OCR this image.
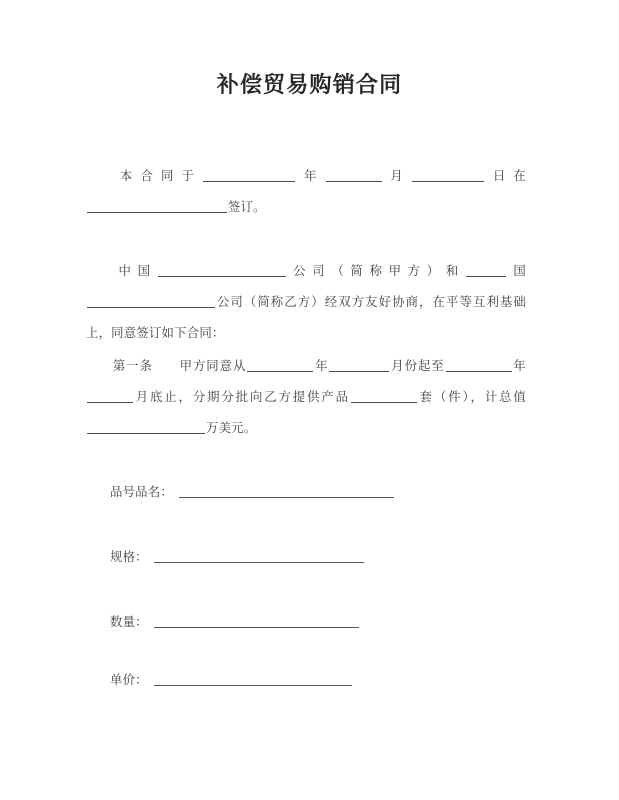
补偿贸易购销合同
本合同于	年	月	日在签订。
中国	公司（简称甲方）和	国公司（简称乙方）经双方友好协商，在平等互利基础上，同意签订如下合同：
第一条 甲方同意从	年	月份起至	年月底止，分期分批向乙方提供产品	套（件），计总值万美元。
品号品名：
规格：
数量：
单价：
